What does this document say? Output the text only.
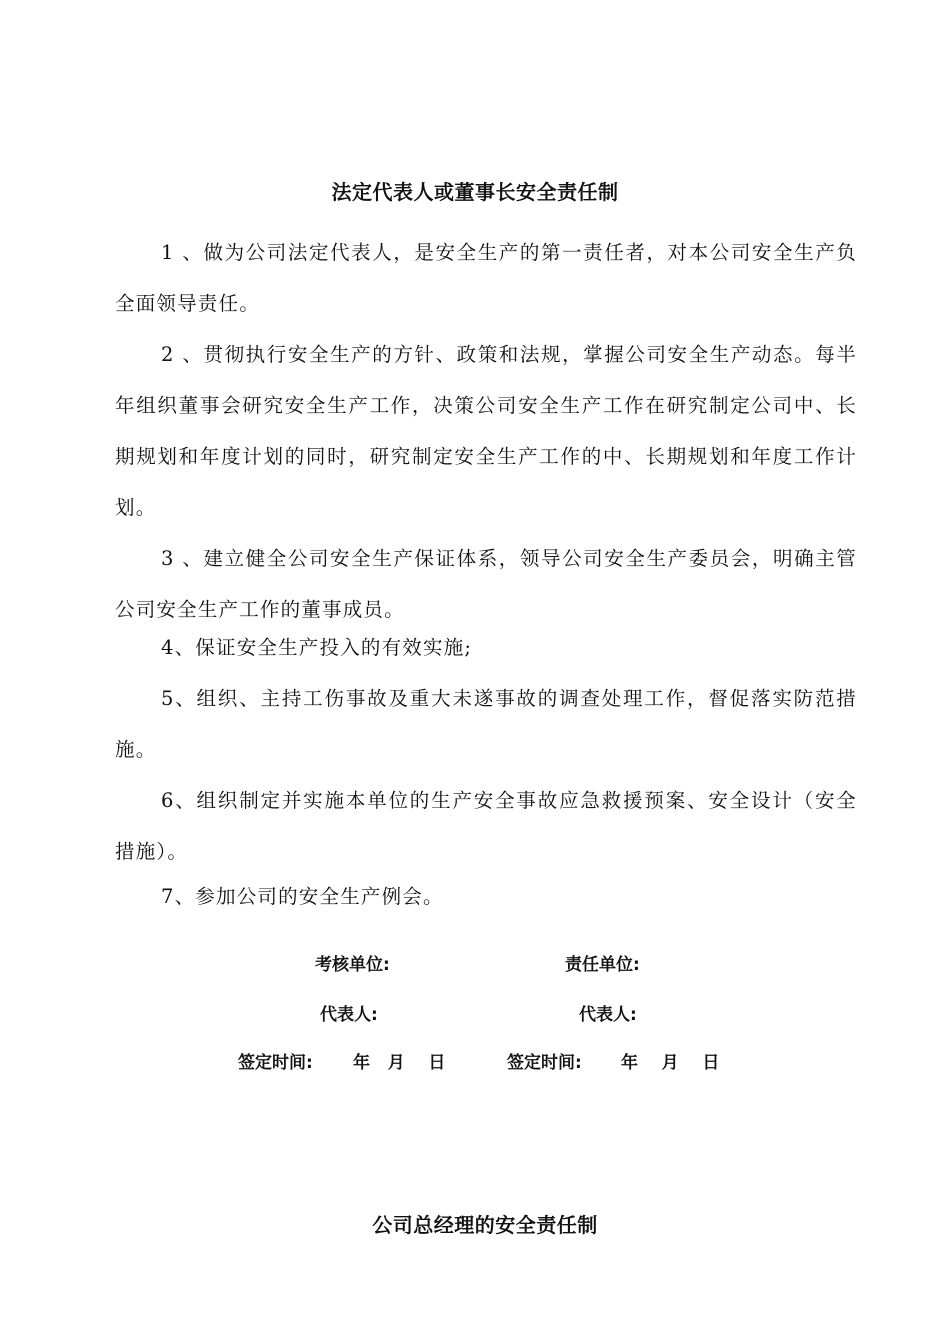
法定代表人或董事长安全责任制

1 、做为公司法定代表人，是安全生产的第一责任者，对本公司安全生产负全面领导责任。

2 、贯彻执行安全生产的方针、政策和法规，掌握公司安全生产动态。每半年组织董事会研究安全生产工作，决策公司安全生产工作在研究制定公司中、长期规划和年度计划的同时，研究制定安全生产工作的中、长期规划和年度工作计划。

3 、建立健全公司安全生产保证体系，领导公司安全生产委员会，明确主管公司安全生产工作的董事成员。

4、保证安全生产投入的有效实施;

5、组织、主持工伤事故及重大未遂事故的调查处理工作，督促落实防范措施。

6、组织制定并实施本单位的生产安全事故应急救援预案、安全设计（安全措施）。

7、参加公司的安全生产例会。

考核单位:	责任单位:
代表人:	代表人:
签定时间: 年   月    日	签定时间: 年    月    日
公司总经理的安全责任制
